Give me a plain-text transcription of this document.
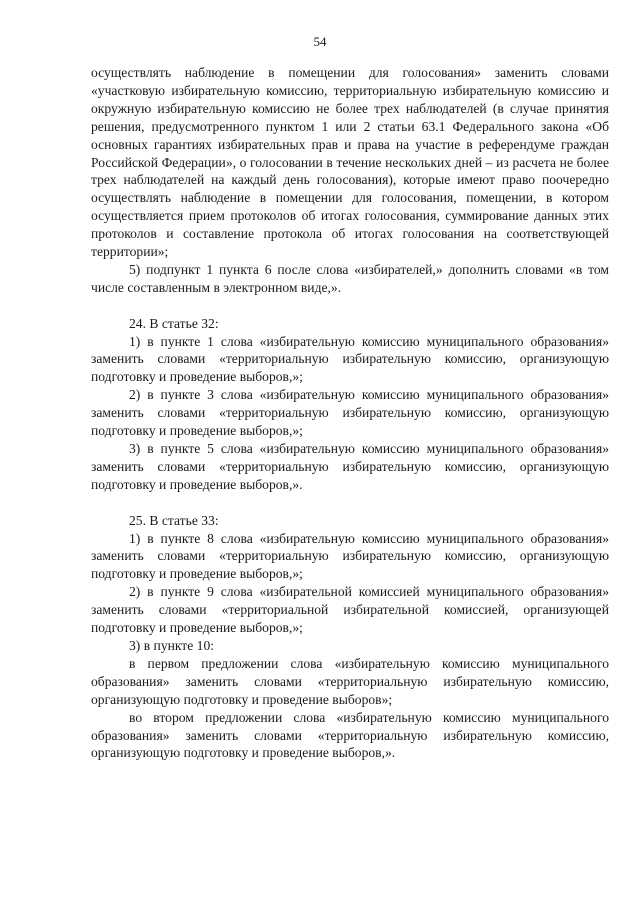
54

осуществлять наблюдение в помещении для голосования» заменить словами «участковую избирательную комиссию, территориальную избирательную комиссию и окружную избирательную комиссию не более трех наблюдателей (в случае принятия решения, предусмотренного пунктом 1 или 2 статьи 63.1 Федерального закона «Об основных гарантиях избирательных прав и права на участие в референдуме граждан Российской Федерации», о голосовании в течение нескольких дней – из расчета не более трех наблюдателей на каждый день голосования), которые имеют право поочередно осуществлять наблюдение в помещении для голосования, помещении, в котором осуществляется прием протоколов об итогах голосования, суммирование данных этих протоколов и составление протокола об итогах голосования на соответствующей территории»;

5) подпункт 1 пункта 6 после слова «избирателей,» дополнить словами «в том числе составленным в электронном виде,».

24. В статье 32:

1) в пункте 1 слова «избирательную комиссию муниципального образования» заменить словами «территориальную избирательную комиссию, организующую подготовку и проведение выборов,»;

2) в пункте 3 слова «избирательную комиссию муниципального образования» заменить словами «территориальную избирательную комиссию, организующую подготовку и проведение выборов,»;

3) в пункте 5 слова «избирательную комиссию муниципального образования» заменить словами «территориальную избирательную комиссию, организующую подготовку и проведение выборов,».

25. В статье 33:

1) в пункте 8 слова «избирательную комиссию муниципального образования» заменить словами «территориальную избирательную комиссию, организующую подготовку и проведение выборов,»;

2) в пункте 9 слова «избирательной комиссией муниципального образования» заменить словами «территориальной избирательной комиссией, организующей подготовку и проведение выборов,»;

3) в пункте 10:

в первом предложении слова «избирательную комиссию муниципального образования» заменить словами «территориальную избирательную комиссию, организующую подготовку и проведение выборов»;

во втором предложении слова «избирательную комиссию муниципального образования» заменить словами «территориальную избирательную комиссию, организующую подготовку и проведение выборов,».
